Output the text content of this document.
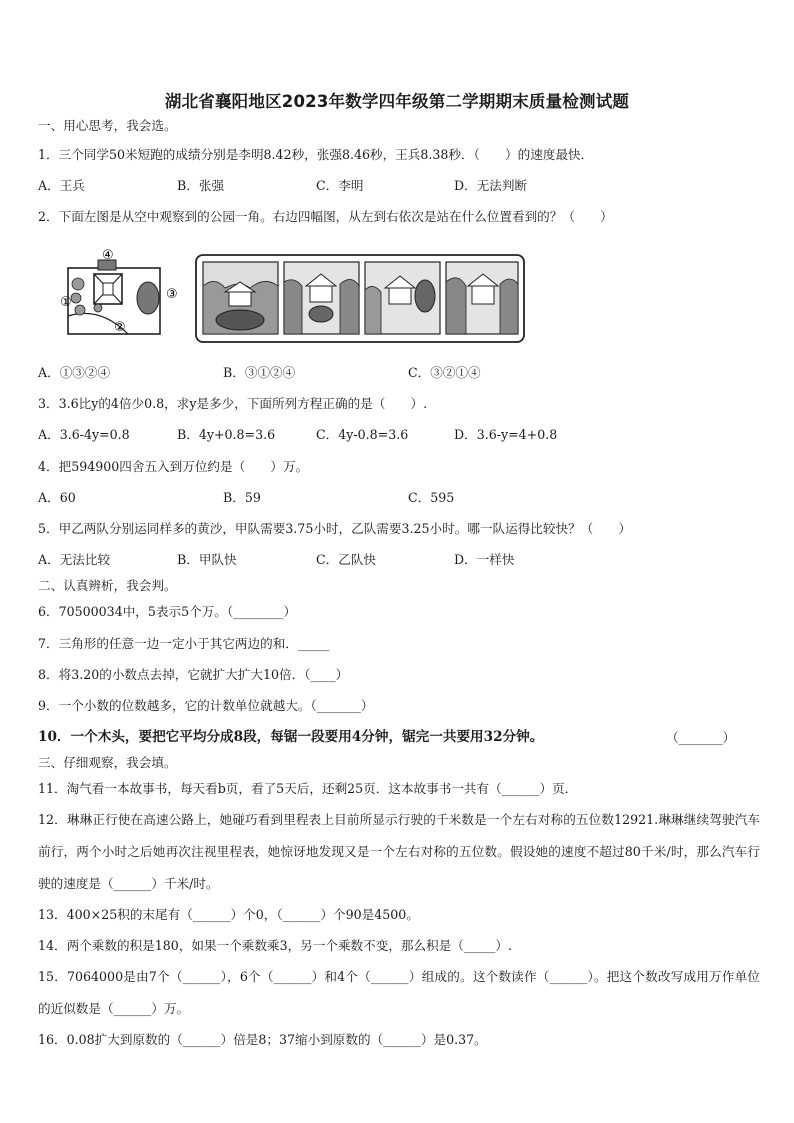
湖北省襄阳地区2023年数学四年级第二学期期末质量检测试题
一、用心思考，我会选。
1．三个同学50米短跑的成绩分别是李明8.42秒，张强8.46秒，王兵8.38秒．（　　）的速度最快．
A．王兵	B．张强	C．李明	D．无法判断
2．下面左图是从空中观察到的公园一角。右边四幅图，从左到右依次是站在什么位置看到的？（　　）
①
②
③
④
A．①③②④	B．③①②④	C．③②①④
3．3.6比y的4倍少0.8，求y是多少，下面所列方程正确的是（　　）.
A．3.6-4y=0.8	B．4y+0.8=3.6	C．4y-0.8=3.6	D．3.6-y=4+0.8
4．把594900四舍五入到万位约是（　　）万。
A．60	B．59	C．595
5．甲乙两队分别运同样多的黄沙，甲队需要3.75小时，乙队需要3.25小时。哪一队运得比较快？（　　）
A．无法比较	B．甲队快	C．乙队快	D．一样快
二、认真辨析，我会判。
6．70500034中，5表示5个万。（________）
7．三角形的任意一边一定小于其它两边的和．_____
8．将3.20的小数点去掉，它就扩大扩大10倍．（____）
9．一个小数的位数越多，它的计数单位就越大。（_______）
10．一个木头，要把它平均分成8段，每锯一段要用4分钟，锯完一共要用32分钟。	（_______）
三、仔细观察，我会填。
11．淘气看一本故事书，每天看b页，看了5天后，还剩25页．这本故事书一共有（______）页．
12．琳琳正行使在高速公路上，她碰巧看到里程表上目前所显示行驶的千米数是一个左右对称的五位数12921.琳琳继续驾驶汽车前行，两个小时之后她再次注视里程表，她惊讶地发现又是一个左右对称的五位数。假设她的速度不超过80千米/时，那么汽车行驶的速度是（______）千米/时。
13．400×25积的末尾有（______）个0，（______）个90是4500。
14．两个乘数的积是180，如果一个乘数乘3，另一个乘数不变，那么积是（_____）.
15．7064000是由7个（______），6个（______）和4个（______）组成的。这个数读作（______）。把这个数改写成用万作单位的近似数是（______）万。
16．0.08扩大到原数的（______）倍是8；37缩小到原数的（______）是0.37。
